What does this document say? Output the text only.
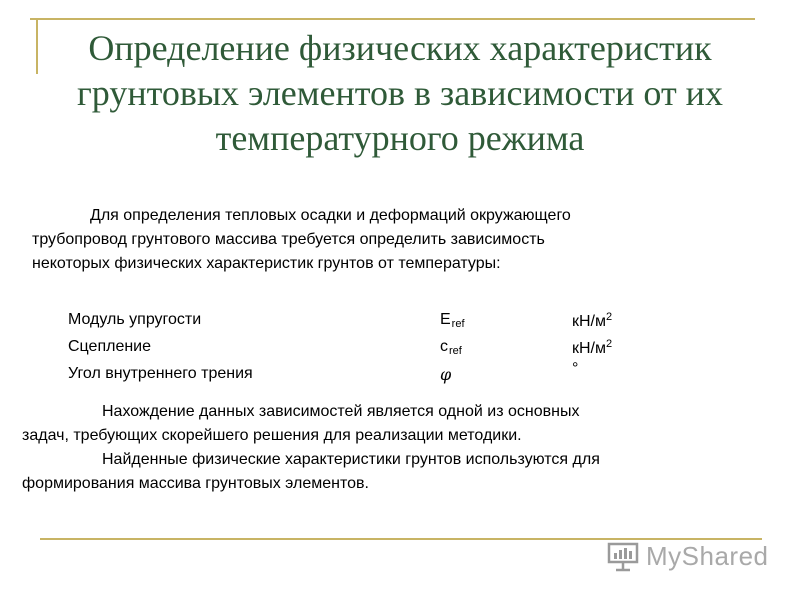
Определение физических характеристик
грунтовых элементов в зависимости от их
температурного режима
Для определения тепловых осадки и деформаций окружающего
трубопровод грунтового массива требуется определить зависимость
некоторых физических характеристик грунтов от температуры:
Модуль упругости	$E_{ref}$	$кН/м^2$
Сцепление	$c_{ref}$	$кН/м^2$
Угол внутреннего трения	φ	°
Нахождение данных зависимостей является одной из основных
задач, требующих скорейшего решения для реализации методики.
Найденные физические характеристики грунтов используются для
формирования массива грунтовых элементов.
MyShared
